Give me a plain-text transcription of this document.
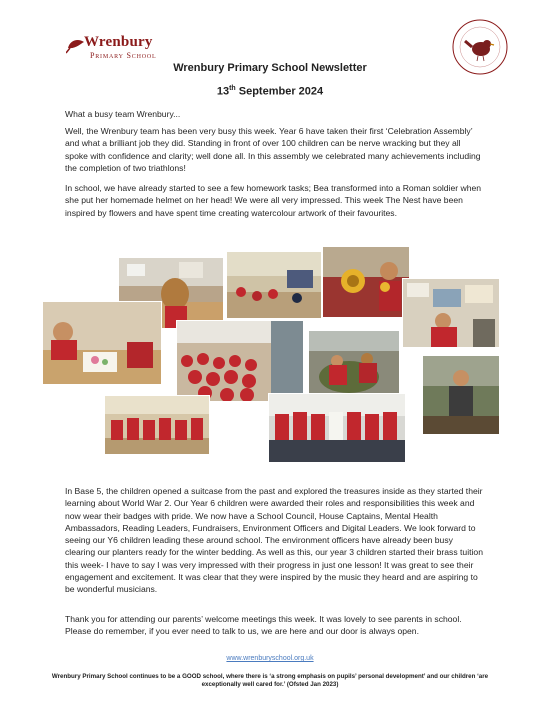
Wrenbury
Primary School
Wrenbury Primary School Newsletter
13th September 2024
What a busy team Wrenbury...
Well, the Wrenbury team has been very busy this week. Year 6 have taken their first ‘Celebration Assembly’ and what a brilliant job they did. Standing in front of over 100 children can be nerve wracking but they all spoke with confidence and clarity; well done all. In this assembly we celebrated many achievements including the completion of two triathlons!
In school, we have already started to see a few homework tasks; Bea transformed into a Roman soldier when she put her homemade helmet on her head! We were all very impressed. This week The Nest have been inspired by flowers and have spent time creating watercolour artwork of their favourites.
In Base 5, the children opened a suitcase from the past and explored the treasures inside as they started their learning about World War 2. Our Year 6 children were awarded their roles and responsibilities this week and now wear their badges with pride. We now have a School Council, House Captains, Mental Health Ambassadors, Reading Leaders, Fundraisers, Environment Officers and Digital Leaders. We look forward to seeing our Y6 children leading these around school. The environment officers have already been busy clearing our planters ready for the winter bedding. As well as this, our year 3 children started their brass tuition this week- I have to say I was very impressed with their progress in just one lesson! It was great to see their engagement and excitement. It was clear that they were inspired by the music they heard and are aspiring to be wonderful musicians.
Thank you for attending our parents’ welcome meetings this week. It was lovely to see parents in school. Please do remember, if you ever need to talk to us, we are here and our door is always open.
www.wrenburyschool.org.uk
Wrenbury Primary School continues to be a GOOD school, where there is ‘a strong emphasis on pupils’ personal development’ and our children ‘are exceptionally well cared for.’ (Ofsted Jan 2023)
